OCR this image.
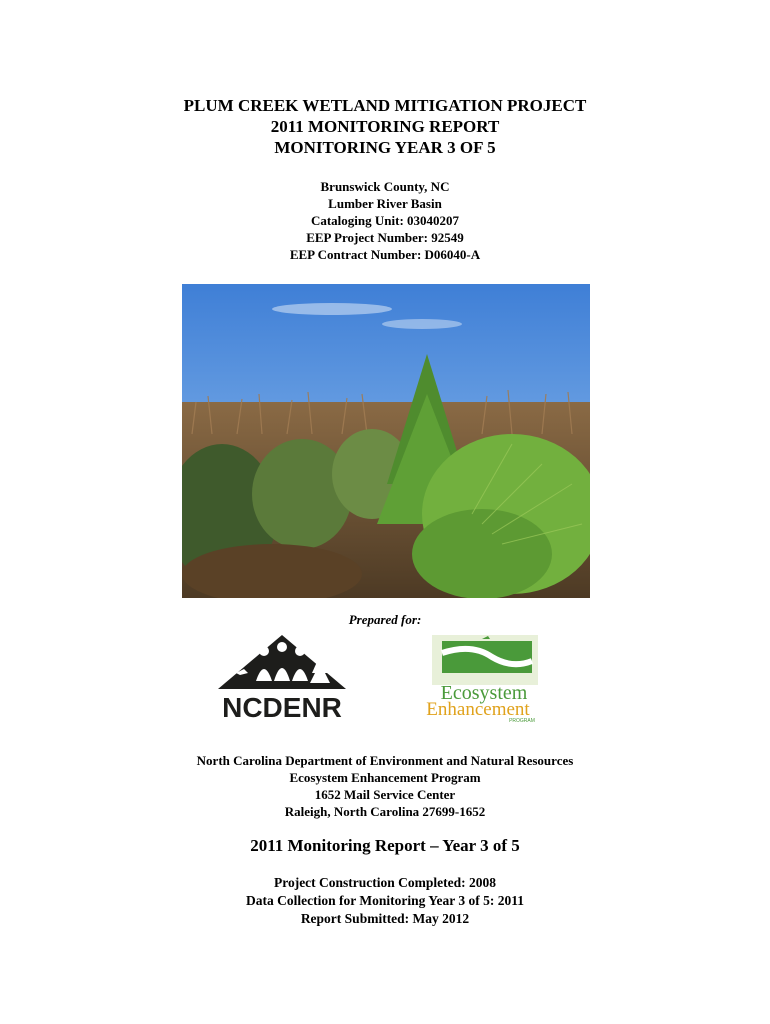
PLUM CREEK WETLAND MITIGATION PROJECT
2011 MONITORING REPORT
MONITORING YEAR 3 OF 5
Brunswick County, NC
Lumber River Basin
Cataloging Unit: 03040207
EEP Project Number: 92549
EEP Contract Number: D06040-A
Prepared for:
NCDENR	Ecosystem
Enhancement
PROGRAM
North Carolina Department of Environment and Natural Resources
Ecosystem Enhancement Program
1652 Mail Service Center
Raleigh, North Carolina 27699-1652
2011 Monitoring Report – Year 3 of 5
Project Construction Completed: 2008
Data Collection for Monitoring Year 3 of 5: 2011
Report Submitted: May 2012
